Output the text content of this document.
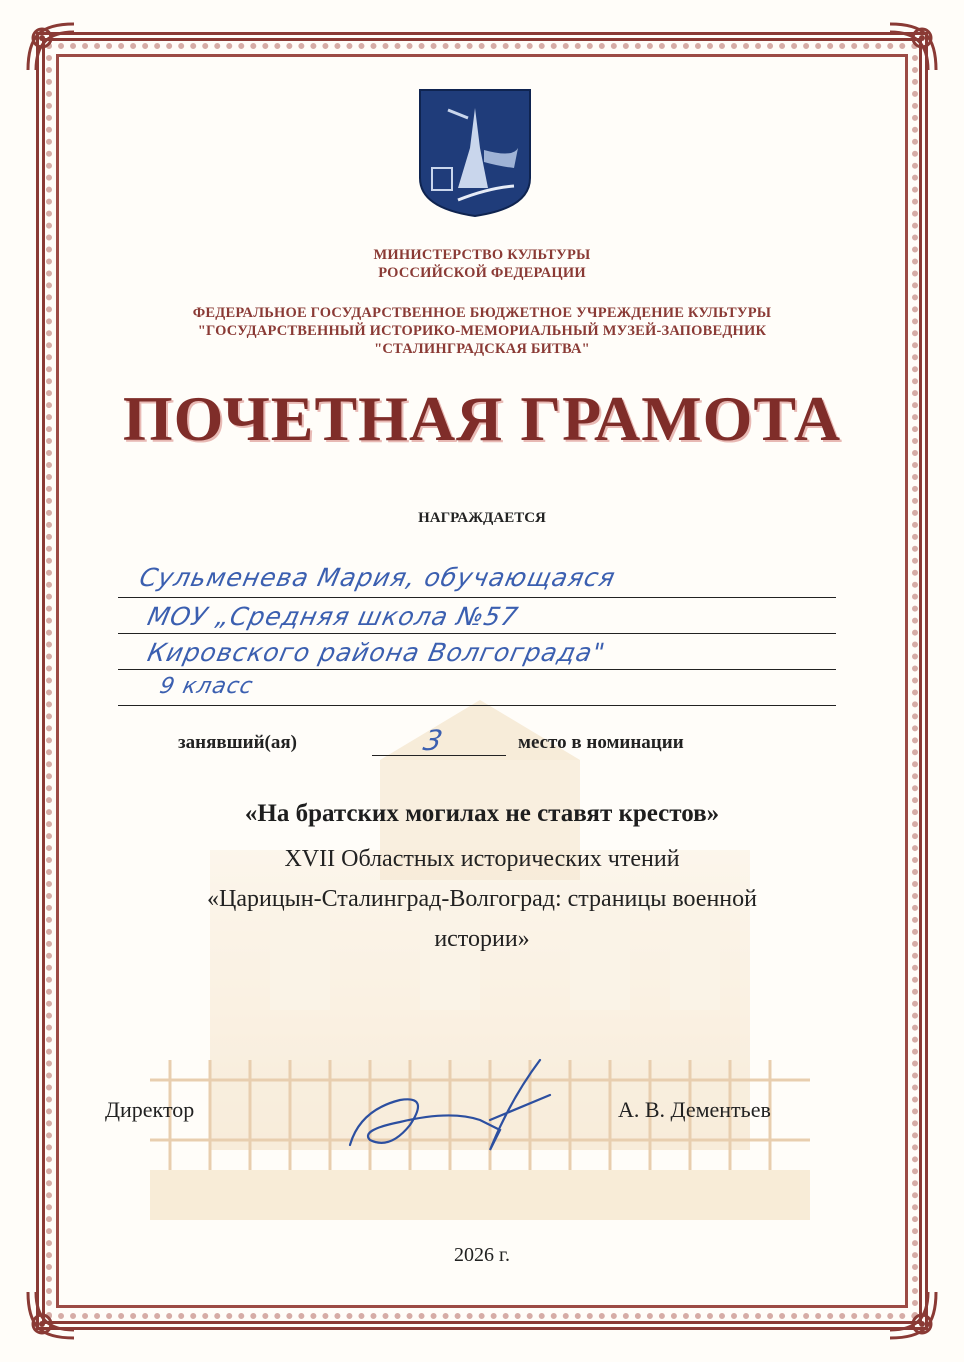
МИНИСТЕРСТВО КУЛЬТУРЫ
РОССИЙСКОЙ ФЕДЕРАЦИИ
ФЕДЕРАЛЬНОЕ ГОСУДАРСТВЕННОЕ БЮДЖЕТНОЕ УЧРЕЖДЕНИЕ КУЛЬТУРЫ
"ГОСУДАРСТВЕННЫЙ ИСТОРИКО-МЕМОРИАЛЬНЫЙ МУЗЕЙ-ЗАПОВЕДНИК
"СТАЛИНГРАДСКАЯ БИТВА"
ПОЧЕТНАЯ ГРАМОТА
НАГРАЖДАЕТСЯ
Сульменева Мария, обучающаяся
МОУ „Средняя школа №57
Кировского района Волгограда"
9 класс
занявший(ая)	3	место в номинации
«На братских могилах не ставят крестов»
XVII Областных исторических чтений
«Царицын-Сталинград-Волгоград: страницы военной
истории»
Директор	А. В. Дементьев
2026 г.
